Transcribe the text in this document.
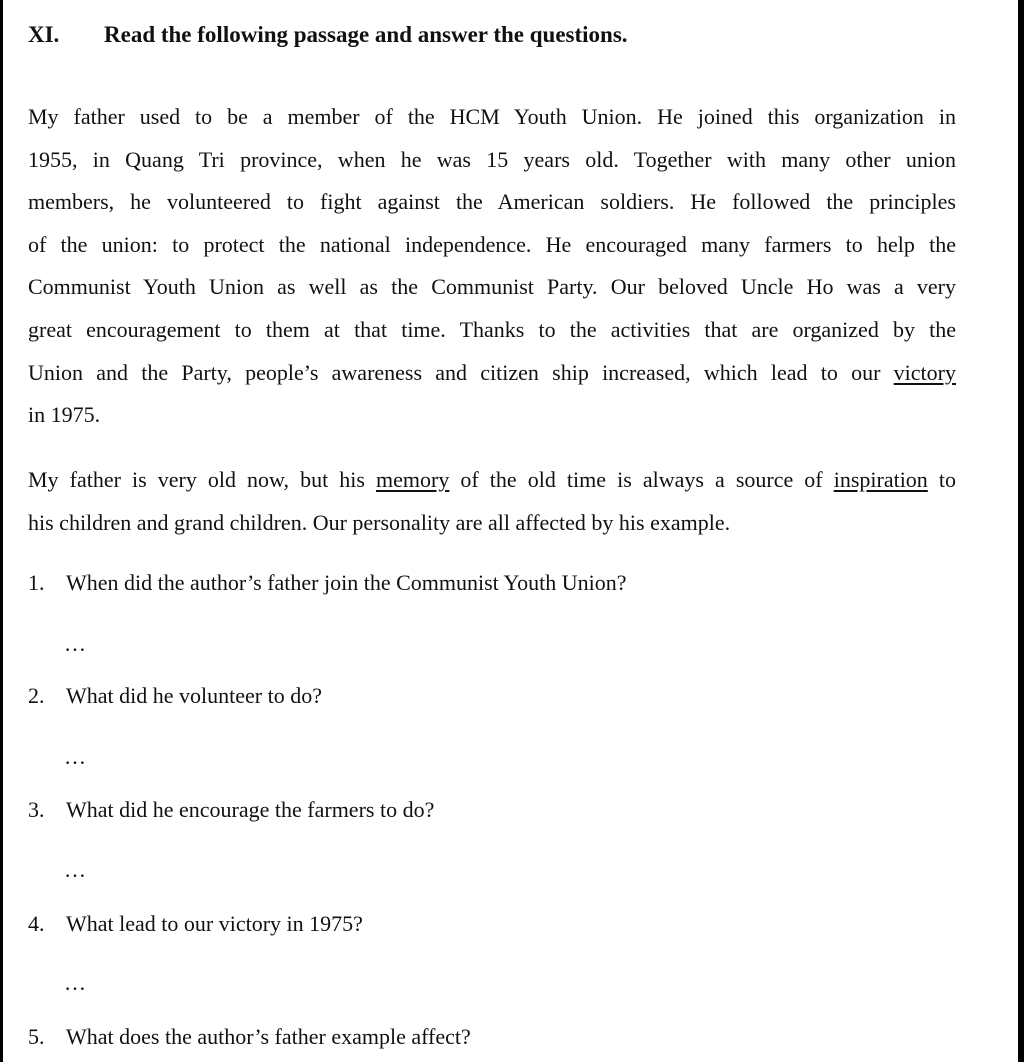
XI. Read the following passage and answer the questions.
My father used to be a member of the HCM Youth Union. He joined this organization in
1955, in Quang Tri province, when he was 15 years old. Together with many other union
members, he volunteered to fight against the American soldiers. He followed the principles
of the union: to protect the national independence. He encouraged many farmers to help the
Communist Youth Union as well as the Communist Party. Our beloved Uncle Ho was a very
great encouragement to them at that time. Thanks to the activities that are organized by the
Union and the Party, people’s awareness and citizen ship increased, which lead to our victory
in 1975.
My father is very old now, but his memory of the old time is always a source of inspiration to
his children and grand children. Our personality are all affected by his example.
1. When did the author’s father join the Communist Youth Union?
…
2. What did he volunteer to do?
…
3. What did he encourage the farmers to do?
…
4. What lead to our victory in 1975?
…
5. What does the author’s father example affect?
